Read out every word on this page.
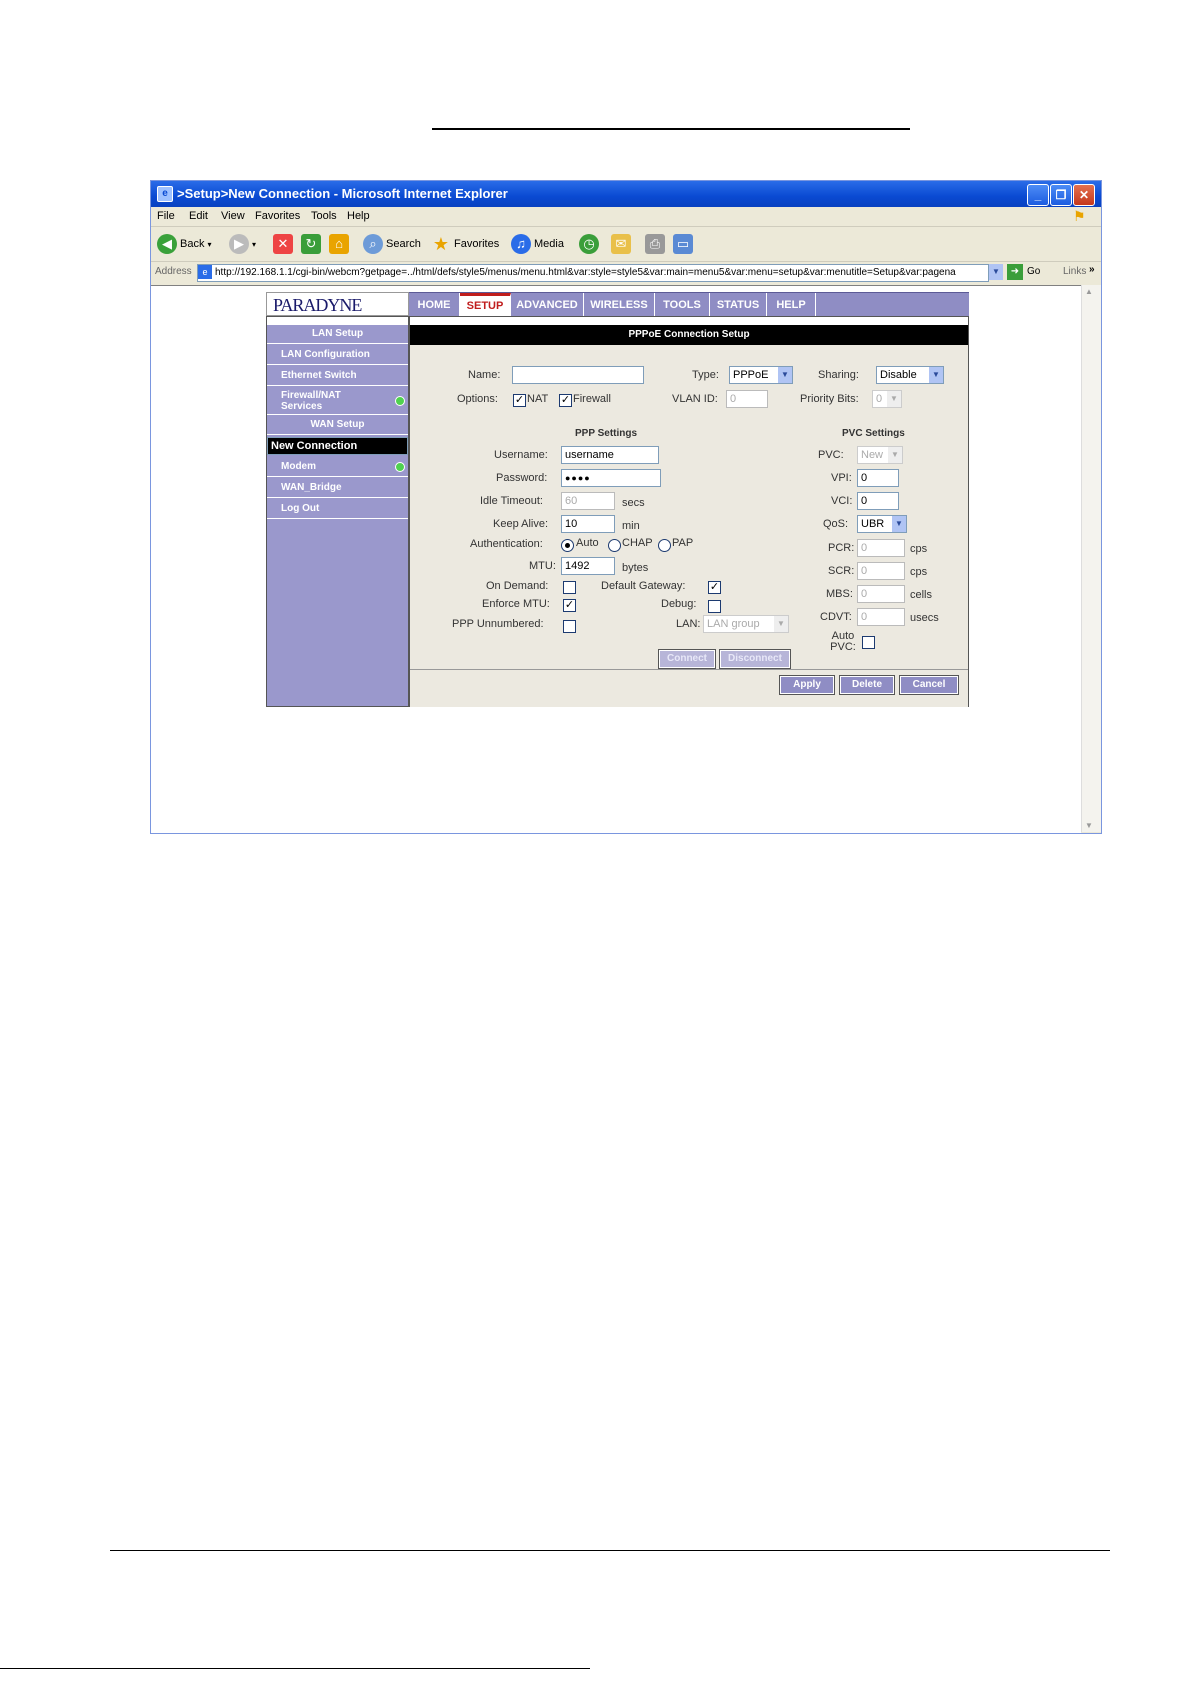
e >Setup>New Connection - Microsoft Internet Explorer	_	❐	✕
File Edit View Favorites Tools Help	⚑
◀ Back ▾	▶	▾	✕	↻	⌂	⌕ Search ★ Favorites	♫ Media	◷	✉	⎙	▭
Address	e http://192.168.1.1/cgi-bin/webcm?getpage=../html/defs/style5/menus/menu.html&var:style=style5&var:main=menu5&var:menu=setup&var:menutitle=Setup&var:pagena	▼	➜ Go Links »
PARADYNE	HOME	SETUP	ADVANCED	WIRELESS	TOOLS	STATUS	HELP
LAN Setup
LAN Configuration
Ethernet Switch
Firewall/NAT Services
WAN Setup
New Connection
Modem
WAN_Bridge
Log Out
PPPoE Connection Setup
Name:	Type:	PPPoE	▼	Sharing:	Disable	▼
Options: ✓ NAT ✓ Firewall	VLAN ID:	0	Priority Bits:	0 ▼
PPP Settings
Username:	username
Password:	●●●●
Idle Timeout:	60	secs
Keep Alive:	10	min
Authentication:	Auto CHAP PAP
MTU: 1492	bytes
On Demand:	Default Gateway: ✓
Enforce MTU: ✓	Debug:
PPP Unnumbered:	LAN: LAN group	▼
Connect	Disconnect
PVC Settings
PVC:	New	▼
VPI: 0
VCI: 0
QoS:	UBR	▼
PCR: 0	cps
SCR: 0	cps
MBS: 0	cells
CDVT: 0	usecs
Auto PVC:
Apply	Delete	Cancel
▲
▼
